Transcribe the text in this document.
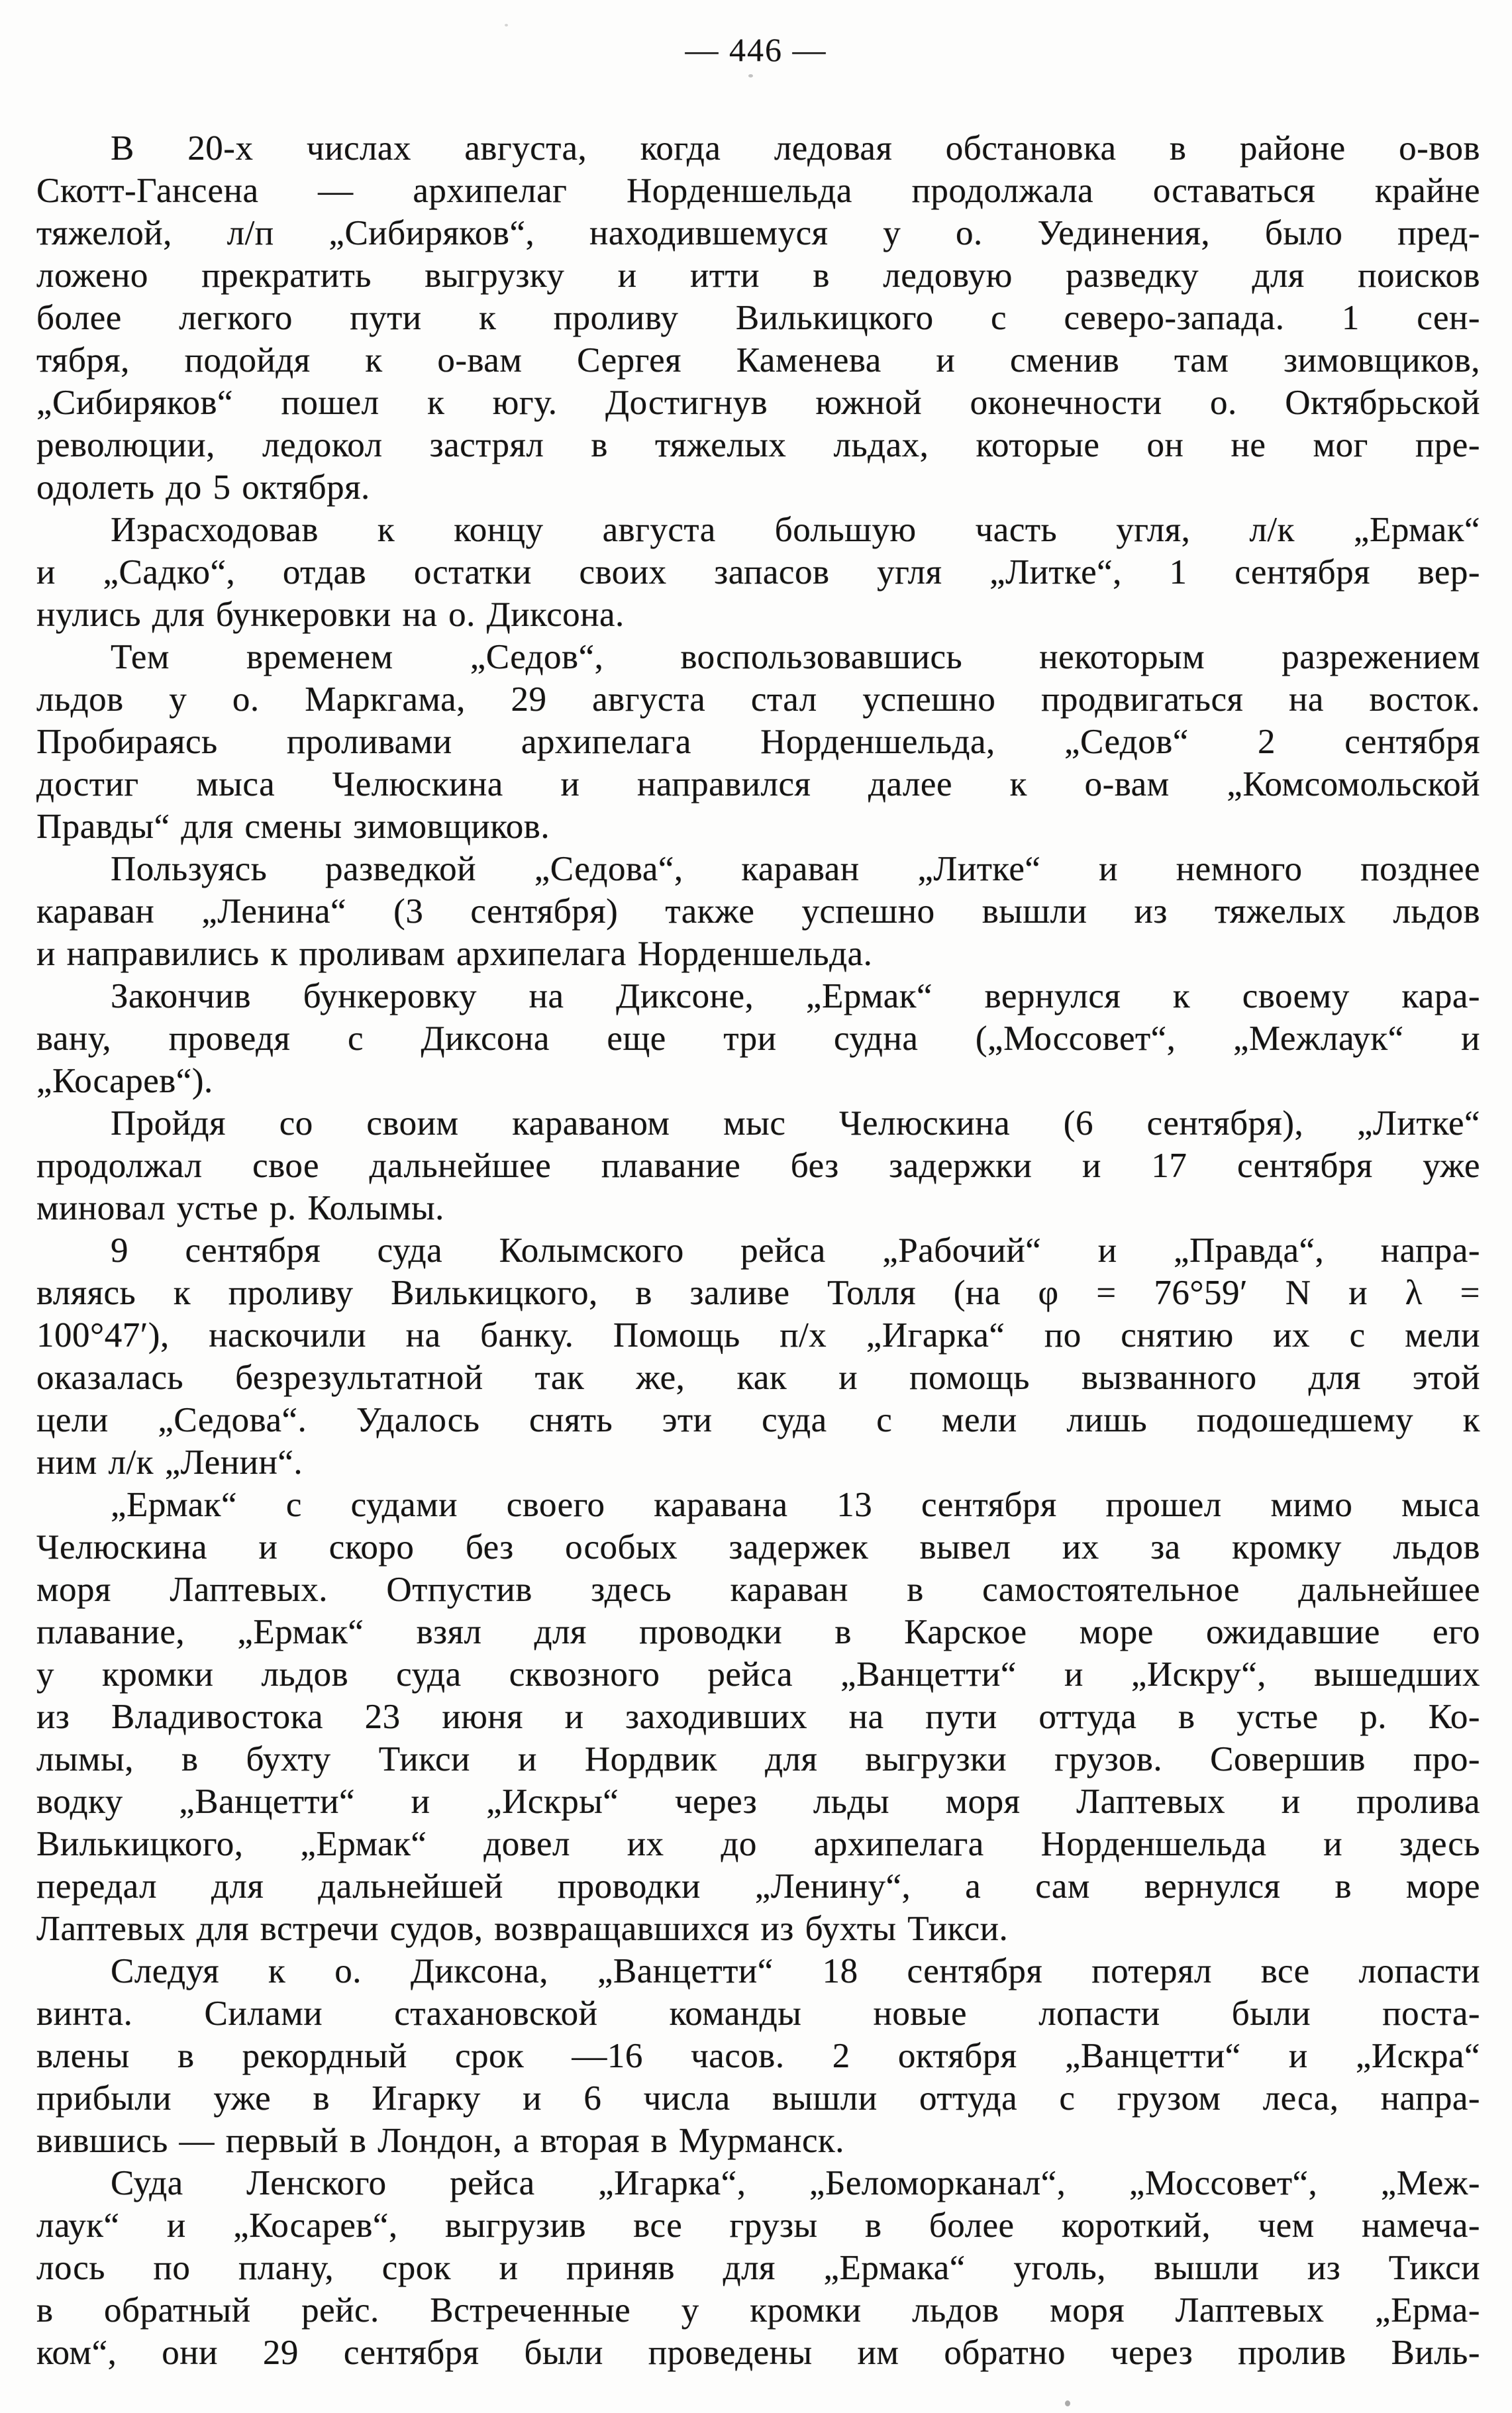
— 446 —

В 20-х числах августа, когда ледовая обстановка в районе о-вов
Скотт-Гансена — архипелаг Норденшельда продолжала оставаться крайне
тяжелой, л/п „Сибиряков“, находившемуся у о. Уединения, было пред-
ложено прекратить выгрузку и итти в ледовую разведку для поисков
более легкого пути к проливу Вилькицкого с северо-запада. 1 сен-
тября, подойдя к о-вам Сергея Каменева и сменив там зимовщиков,
„Сибиряков“ пошел к югу. Достигнув южной оконечности о. Октябрьской
революции, ледокол застрял в тяжелых льдах, которые он не мог пре-
одолеть до 5 октября.

Израсходовав к концу августа большую часть угля, л/к „Ермак“
и „Садко“, отдав остатки своих запасов угля „Литке“, 1 сентября вер-
нулись для бункеровки на о. Диксона.

Тем временем „Седов“, воспользовавшись некоторым разрежением
льдов у о. Маркгама, 29 августа стал успешно продвигаться на восток.
Пробираясь проливами архипелага Норденшельда, „Седов“ 2 сентября
достиг мыса Челюскина и направился далее к о-вам „Комсомольской
Правды“ для смены зимовщиков.

Пользуясь разведкой „Седова“, караван „Литке“ и немного позднее
караван „Ленина“ (3 сентября) также успешно вышли из тяжелых льдов
и направились к проливам архипелага Норденшельда.

Закончив бункеровку на Диксоне, „Ермак“ вернулся к своему кара-
вану, проведя с Диксона еще три судна („Моссовет“, „Межлаук“ и
„Косарев“).

Пройдя со своим караваном мыс Челюскина (6 сентября), „Литке“
продолжал свое дальнейшее плавание без задержки и 17 сентября уже
миновал устье р. Колымы.

9 сентября суда Колымского рейса „Рабочий“ и „Правда“, напра-
вляясь к проливу Вилькицкого, в заливе Толля (на φ = 76°59′ N и λ =
100°47′), наскочили на банку. Помощь п/х „Игарка“ по снятию их с мели
оказалась безрезультатной так же, как и помощь вызванного для этой
цели „Седова“. Удалось снять эти суда с мели лишь подошедшему к
ним л/к „Ленин“.

„Ермак“ с судами своего каравана 13 сентября прошел мимо мыса
Челюскина и скоро без особых задержек вывел их за кромку льдов
моря Лаптевых. Отпустив здесь караван в самостоятельное дальнейшее
плавание, „Ермак“ взял для проводки в Карское море ожидавшие его
у кромки льдов суда сквозного рейса „Ванцетти“ и „Искру“, вышедших
из Владивостока 23 июня и заходивших на пути оттуда в устье р. Ко-
лымы, в бухту Тикси и Нордвик для выгрузки грузов. Совершив про-
водку „Ванцетти“ и „Искры“ через льды моря Лаптевых и пролива
Вилькицкого, „Ермак“ довел их до архипелага Норденшельда и здесь
передал для дальнейшей проводки „Ленину“, а сам вернулся в море
Лаптевых для встречи судов, возвращавшихся из бухты Тикси.

Следуя к о. Диксона, „Ванцетти“ 18 сентября потерял все лопасти
винта. Силами стахановской команды новые лопасти были поста-
влены в рекордный срок —16 часов. 2 октября „Ванцетти“ и „Искра“
прибыли уже в Игарку и 6 числа вышли оттуда с грузом леса, напра-
вившись — первый в Лондон, а вторая в Мурманск.

Суда Ленского рейса „Игарка“, „Беломорканал“, „Моссовет“, „Меж-
лаук“ и „Косарев“, выгрузив все грузы в более короткий, чем намеча-
лось по плану, срок и приняв для „Ермака“ уголь, вышли из Тикси
в обратный рейс. Встреченные у кромки льдов моря Лаптевых „Ерма-
ком“, они 29 сентября были проведены им обратно через пролив Виль-
